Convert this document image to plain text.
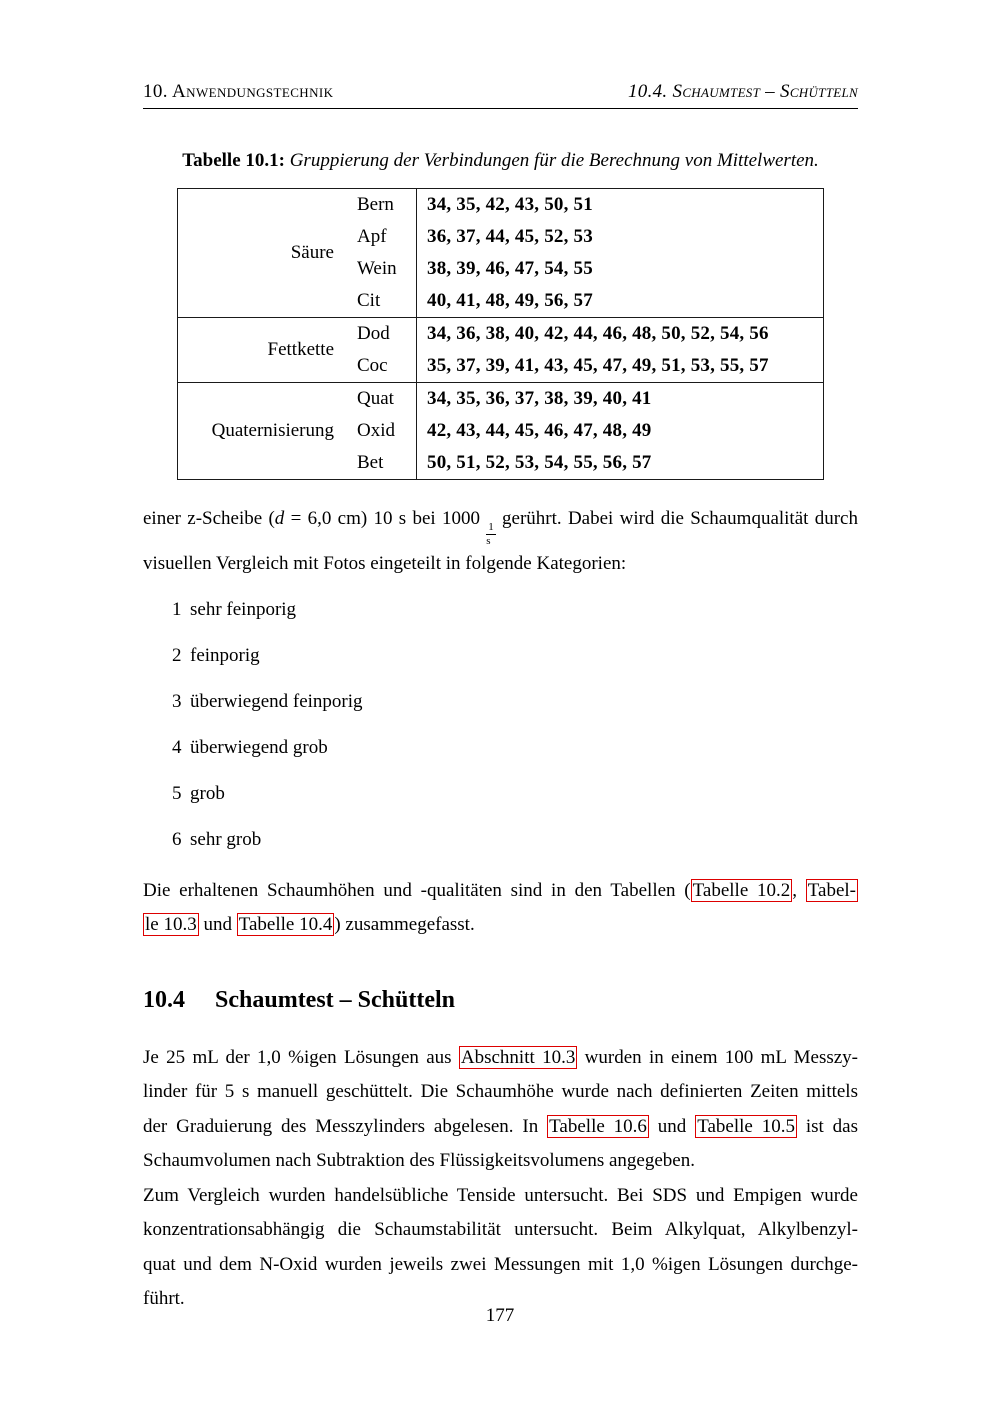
10. Anwendungstechnik	10.4. Schaumtest – Schütteln
Tabelle 10.1: Gruppierung der Verbindungen für die Berechnung von Mittelwerten.
Säure	Bern	34, 35, 42, 43, 50, 51
	Apf	36, 37, 44, 45, 52, 53
	Wein	38, 39, 46, 47, 54, 55
	Cit	40, 41, 48, 49, 56, 57
Fettkette	Dod	34, 36, 38, 40, 42, 44, 46, 48, 50, 52, 54, 56
	Coc	35, 37, 39, 41, 43, 45, 47, 49, 51, 53, 55, 57
Quaternisierung	Quat	34, 35, 36, 37, 38, 39, 40, 41
	Oxid	42, 43, 44, 45, 46, 47, 48, 49
	Bet	50, 51, 52, 53, 54, 55, 56, 57
einer z-Scheibe (d = 6,0 cm) 10 s bei 1000
$\frac{1}{s}$
gerührt. Dabei wird die Schaumqualität durch
visuellen Vergleich mit Fotos eingeteilt in folgende Kategorien:
1 sehr feinporig
2 feinporig
3 überwiegend feinporig
4 überwiegend grob
5 grob
6 sehr grob
Die erhaltenen Schaumhöhen und -qualitäten sind in den Tabellen ( Tabelle 10.2 , Tabel-
le 10.3 und Tabelle 10.4 ) zusammegefasst.
10.4 Schaumtest – Schütteln
Je 25 mL der 1,0 %igen Lösungen aus Abschnitt 10.3 wurden in einem 100 mL Messzy-
linder für 5 s manuell geschüttelt. Die Schaumhöhe wurde nach definierten Zeiten mittels
der Graduierung des Messzylinders abgelesen. In Tabelle 10.6 und Tabelle 10.5 ist das
Schaumvolumen nach Subtraktion des Flüssigkeitsvolumens angegeben.
Zum Vergleich wurden handelsübliche Tenside untersucht. Bei SDS und Empigen wurde
konzentrationsabhängig die Schaumstabilität untersucht. Beim Alkylquat, Alkylbenzyl-
quat und dem N-Oxid wurden jeweils zwei Messungen mit 1,0 %igen Lösungen durchge-
führt.
177
